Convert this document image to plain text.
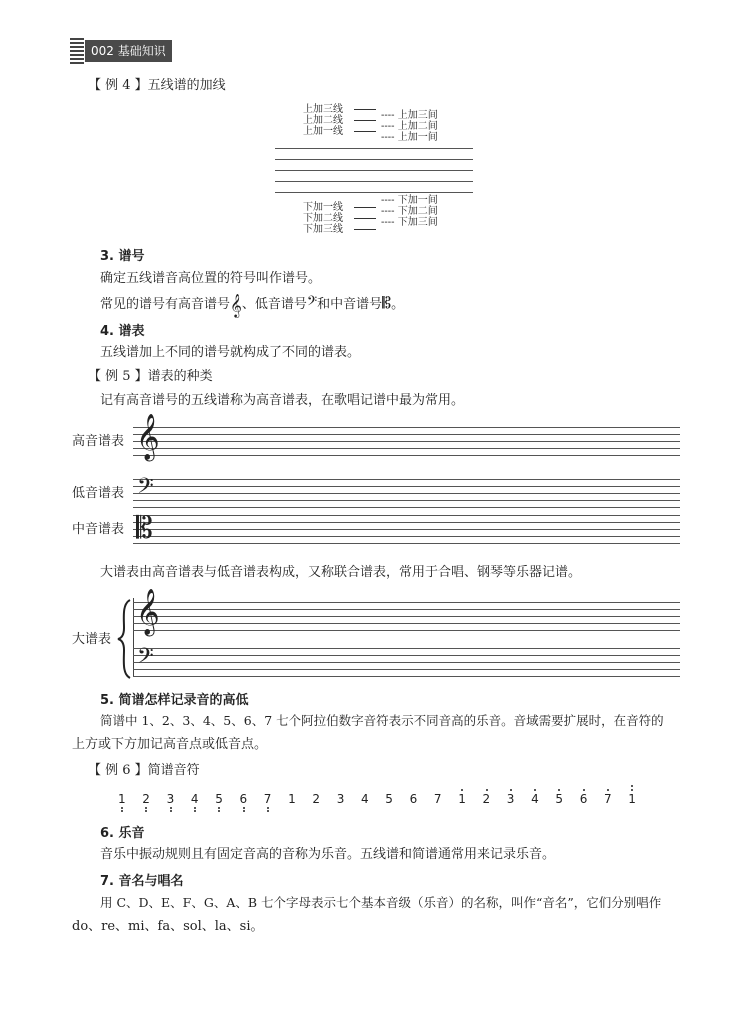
002 基础知识
【 例 4 】五线谱的加线
上加三线
上加二线
上加一线
---- 上加三间
---- 上加二间
---- 上加一间
---- 下加一间
---- 下加二间
---- 下加三间
下加一线
下加二线
下加三线
3. 谱号
确定五线谱音高位置的符号叫作谱号。
常见的谱号有高音谱号𝄞、低音谱号𝄢和中音谱号𝄡。
4. 谱表
五线谱加上不同的谱号就构成了不同的谱表。
【 例 5 】谱表的种类
记有高音谱号的五线谱称为高音谱表，在歌唱记谱中最为常用。
高音谱表 𝄞
低音谱表 𝄢
中音谱表 𝄡
大谱表由高音谱表与低音谱表构成，又称联合谱表，常用于合唱、钢琴等乐器记谱。
大谱表
𝄞
𝄢
5. 简谱怎样记录音的高低
简谱中 1、2、3、4、5、6、7 七个阿拉伯数字音符表示不同音高的乐音。音域需要扩展时，在音符的
上方或下方加记高音点或低音点。
【 例 6 】简谱音符
1 2 3 4 5 6 7 1 2 3 4 5 6 7 1 2 3 4 5 6 7 1
6. 乐音
音乐中振动规则且有固定音高的音称为乐音。五线谱和简谱通常用来记录乐音。
7. 音名与唱名
用 C、D、E、F、G、A、B 七个字母表示七个基本音级（乐音）的名称，叫作“音名”，它们分别唱作
do、re、mi、fa、sol、la、si。
